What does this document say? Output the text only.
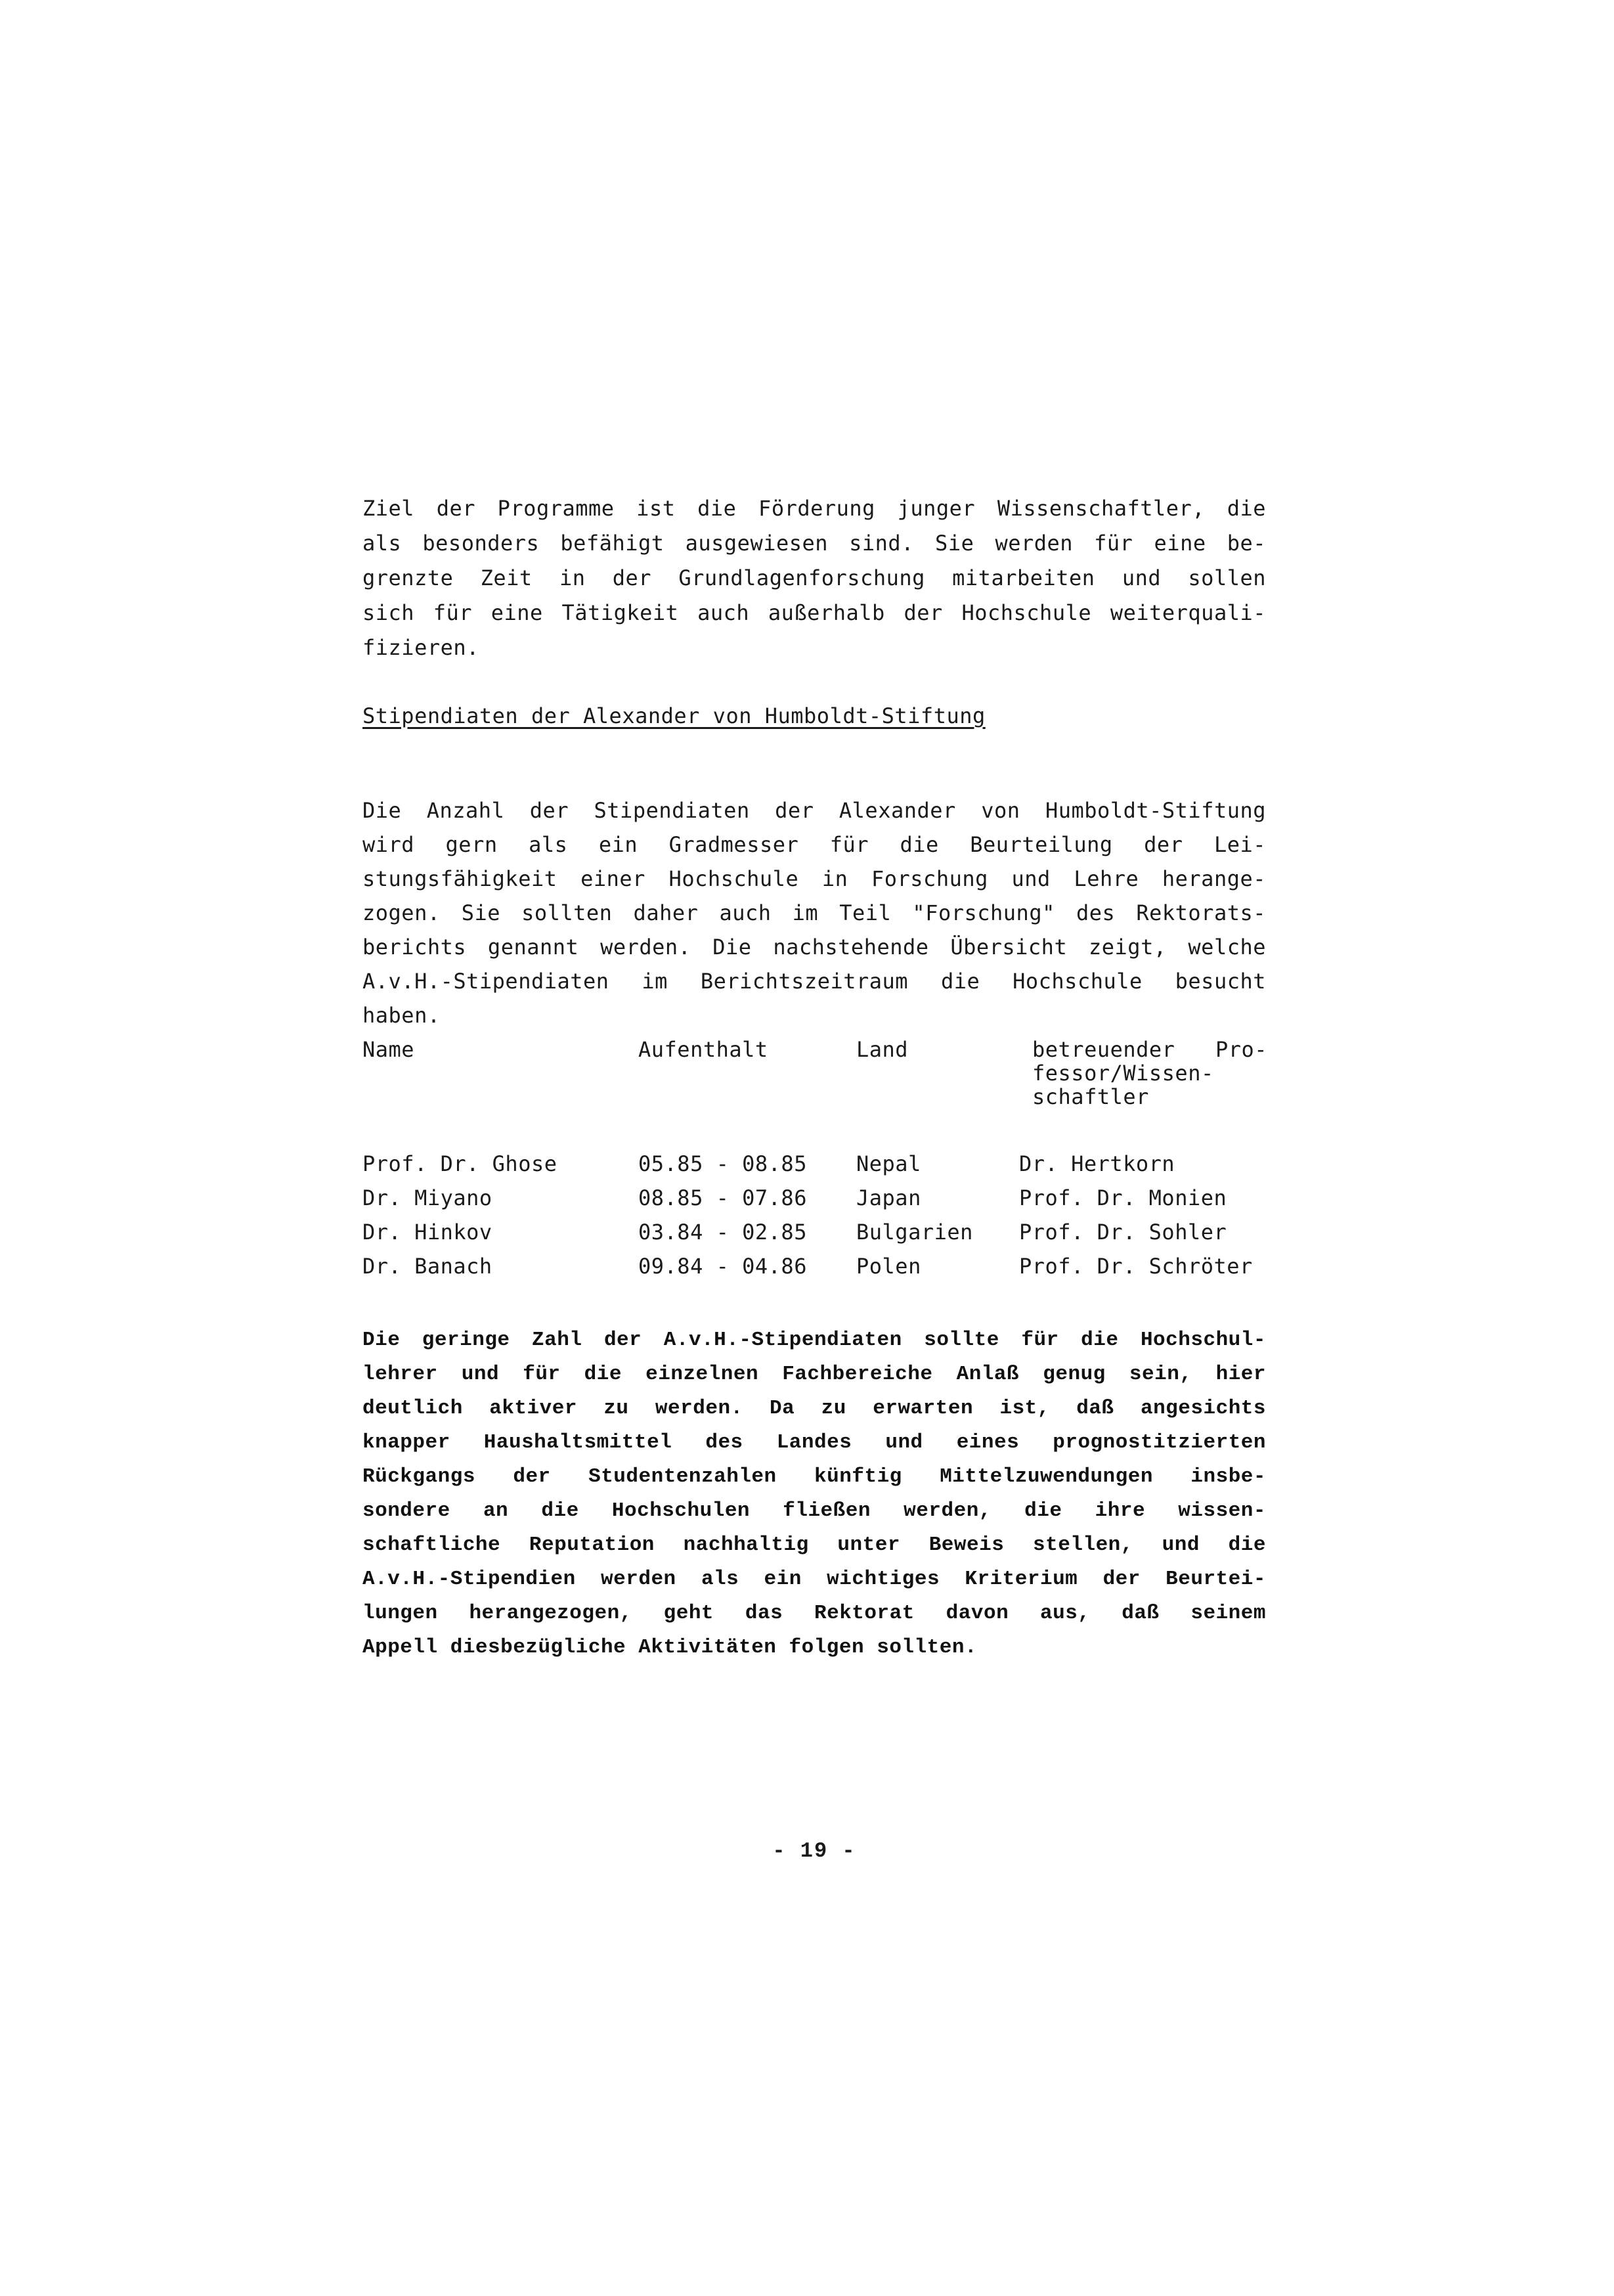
Ziel der Programme ist die Förderung junger Wissenschaftler, die
als besonders befähigt ausgewiesen sind. Sie werden für eine be-
grenzte Zeit in der Grundlagenforschung mitarbeiten und sollen
sich für eine Tätigkeit auch außerhalb der Hochschule weiterquali-
fizieren.
Stipendiaten der Alexander von Humboldt-Stiftung
Die Anzahl der Stipendiaten der Alexander von Humboldt-Stiftung
wird gern als ein Gradmesser für die Beurteilung der Lei-
stungsfähigkeit einer Hochschule in Forschung und Lehre herange-
zogen. Sie sollten daher auch im Teil "Forschung" des Rektorats-
berichts genannt werden. Die nachstehende Übersicht zeigt, welche
A.v.H.-Stipendiaten im Berichtszeitraum die Hochschule besucht
haben.
Name	Aufenthalt	Land	betreuender Pro-
fessor/Wissen-
schaftler
Prof. Dr. Ghose	05.85 - 08.85 Nepal	Dr. Hertkorn
Dr. Miyano	08.85 - 07.86 Japan	Prof. Dr. Monien
Dr. Hinkov	03.84 - 02.85 Bulgarien Prof. Dr. Sohler
Dr. Banach	09.84 - 04.86 Polen	Prof. Dr. Schröter
Die geringe Zahl der A.v.H.-Stipendiaten sollte für die Hochschul-
lehrer und für die einzelnen Fachbereiche Anlaß genug sein, hier
deutlich aktiver zu werden. Da zu erwarten ist, daß angesichts
knapper Haushaltsmittel des Landes und eines prognostitzierten
Rückgangs der Studentenzahlen künftig Mittelzuwendungen insbe-
sondere an die Hochschulen fließen werden, die ihre wissen-
schaftliche Reputation nachhaltig unter Beweis stellen, und die
A.v.H.-Stipendien werden als ein wichtiges Kriterium der Beurtei-
lungen herangezogen, geht das Rektorat davon aus, daß seinem
Appell diesbezügliche Aktivitäten folgen sollten.
- 19 -
